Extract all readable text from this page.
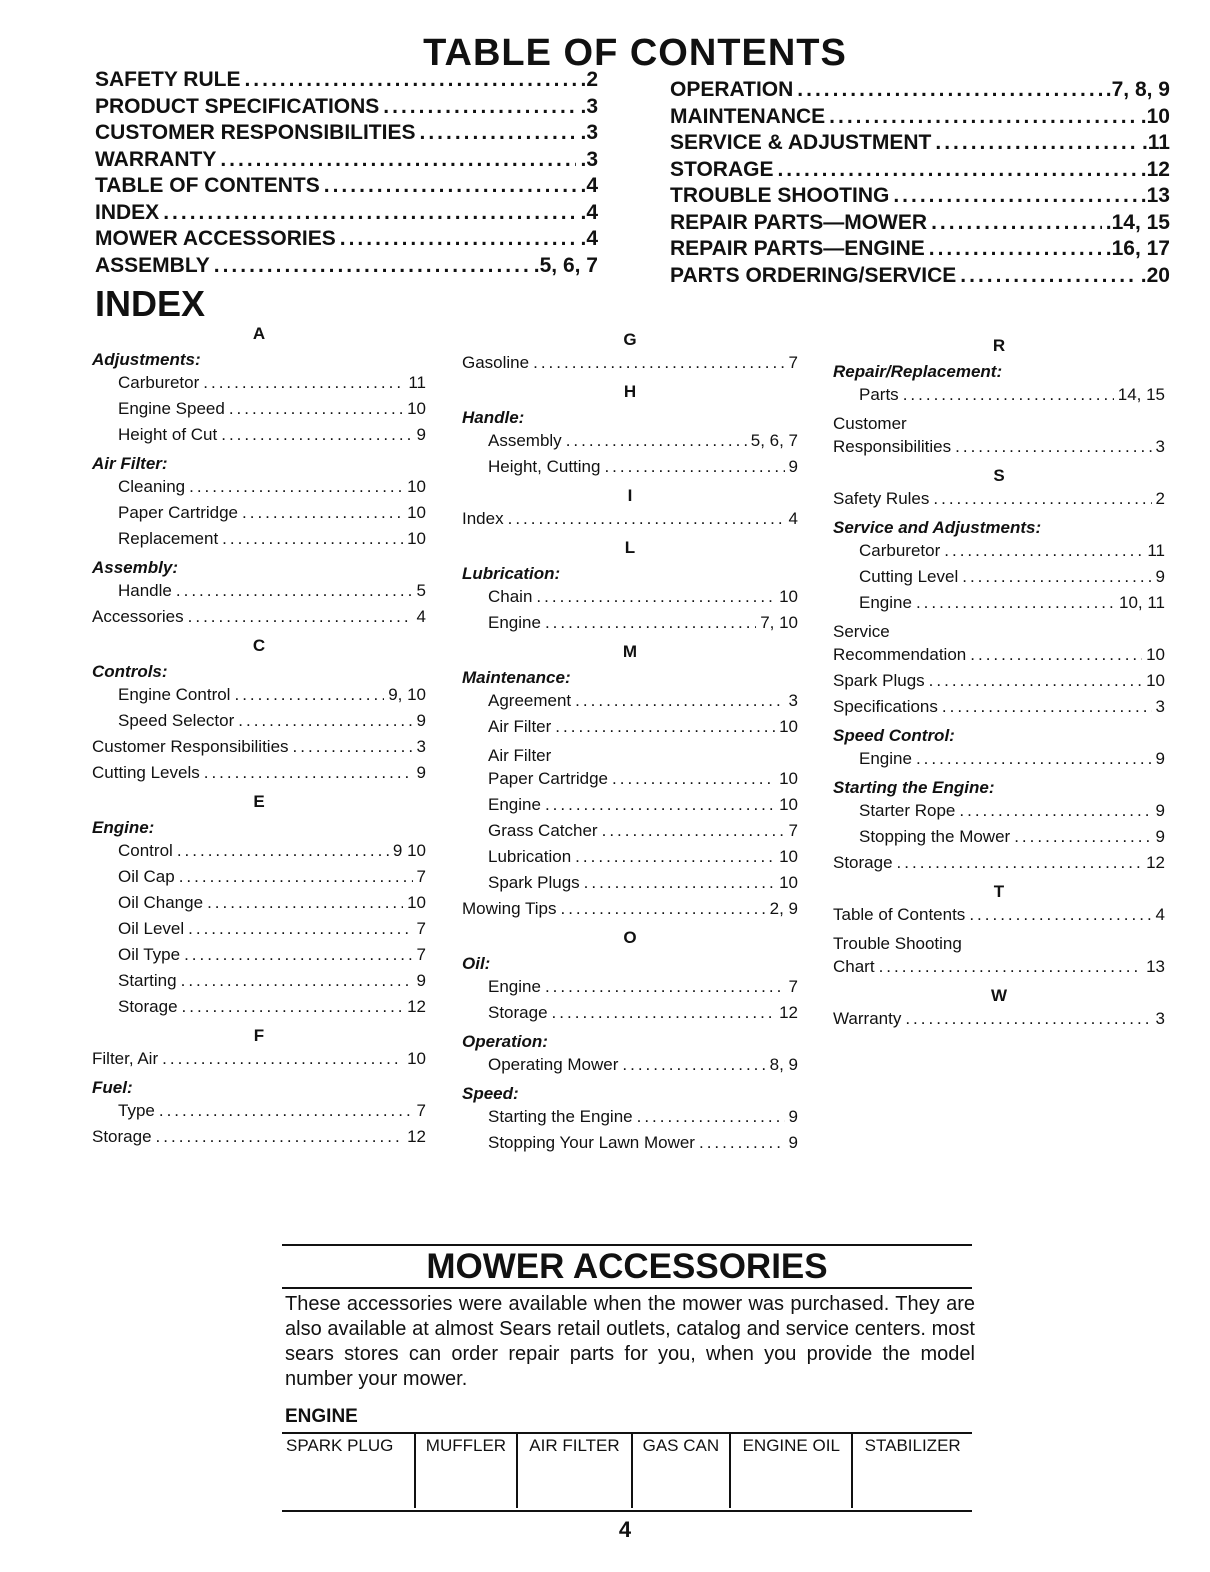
TABLE OF CONTENTS
SAFETY RULE .....	.2
PRODUCT SPECIFICATIONS .....	.3
CUSTOMER RESPONSIBILITIES .....	.3
WARRANTY .....	.3
TABLE OF CONTENTS .....	.4
INDEX .....	.4
MOWER ACCESSORIES .....	.4
ASSEMBLY .....	.5, 6, 7
OPERATION .....	.7, 8, 9
MAINTENANCE .....	.10
SERVICE & ADJUSTMENT .....	.11
STORAGE .....	.12
TROUBLE SHOOTING .....	.13
REPAIR PARTS—MOWER .....	.14, 15
REPAIR PARTS—ENGINE .....	.16, 17
PARTS ORDERING/SERVICE .....	.20
INDEX
A
Adjustments:
Carburetor .....	11
Engine Speed .....	10
Height of Cut .....	9
Air Filter:
Cleaning .....	10
Paper Cartridge .....	10
Replacement .....	10
Assembly:
Handle .....	5
Accessories .....	4
C
Controls:
Engine Control .....	9, 10
Speed Selector .....	9
Customer Responsibilities .....	3
Cutting Levels .....	9
E
Engine:
Control .....	9 10
Oil Cap .....	7
Oil Change .....	10
Oil Level .....	7
Oil Type .....	7
Starting .....	9
Storage .....	12
F
Filter, Air .....	10
Fuel:
Type .....	7
Storage .....	12
G
Gasoline .....	7
H
Handle:
Assembly .....	5, 6, 7
Height, Cutting .....	9
I
Index .....	4
L
Lubrication:
Chain .....	10
Engine .....	7, 10
M
Maintenance:
Agreement .....	3
Air Filter .....	10
Air Filter
Paper Cartridge .....	10
Engine .....	10
Grass Catcher .....	7
Lubrication .....	10
Spark Plugs .....	10
Mowing Tips .....	2, 9
O
Oil:
Engine .....	7
Storage .....	12
Operation:
Operating Mower .....	8, 9
Speed:
Starting the Engine .....	9
Stopping Your Lawn Mower .....	9
R
Repair/Replacement:
Parts .....	14, 15
Customer
Responsibilities .....	3
S
Safety Rules .....	2
Service and Adjustments:
Carburetor .....	11
Cutting Level .....	9
Engine .....	10, 11
Service
Recommendation .....	10
Spark Plugs .....	10
Specifications .....	3
Speed Control:
Engine .....	9
Starting the Engine:
Starter Rope .....	9
Stopping the Mower .....	9
Storage .....	12
T
Table of Contents .....	4
Trouble Shooting
Chart .....	13
W
Warranty .....	3
MOWER ACCESSORIES
These accessories were available when the mower was purchased. They are also available at almost Sears retail outlets, catalog and service centers. most sears stores can order repair parts for you, when you provide the model number your mower.
ENGINE
SPARK PLUG	MUFFLER	AIR FILTER	GAS CAN	ENGINE OIL	STABILIZER
4
